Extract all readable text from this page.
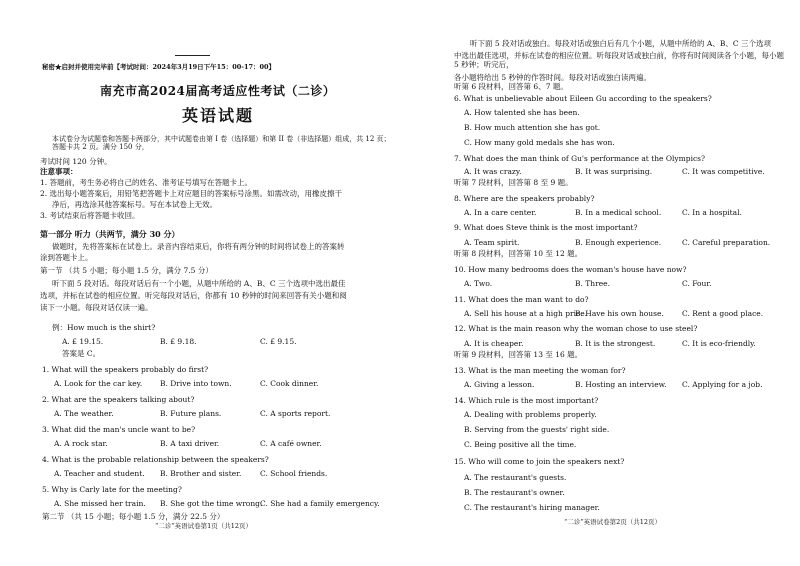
秘密★启封并使用完毕前【考试时间：2024年3月19日下午15：00-17：00】
南充市高2024届高考适应性考试（二诊）
英语试题
本试卷分为试题卷和答题卡两部分，其中试题卷由第 I 卷（选择题）和第 II 卷（非选择题）组成，共 12 页；答题卡共 2 页。满分 150 分，
考试时间 120 分钟。
注意事项：
1. 答题前，考生务必将自己的姓名、准考证号填写在答题卡上。
2. 选出每小题答案后，用铅笔把答题卡上对应题目的答案标号涂黑。如需改动，用橡皮擦干
净后，再选涂其他答案标号。写在本试卷上无效。
3. 考试结束后将答题卡收回。
第一部分 听力（共两节，满分 30 分）
做题时，先将答案标在试卷上。录音内容结束后，你将有两分钟的时间将试卷上的答案转
涂到答题卡上。
第一节 （共 5 小题；每小题 1.5 分，满分 7.5 分）
听下面 5 段对话。每段对话后有一个小题，从题中所给的 A、B、C 三个选项中选出最佳
选项，并标在试卷的相应位置。听完每段对话后，你都有 10 秒钟的时间来回答有关小题和阅
读下一小题。每段对话仅读一遍。
例：How much is the shirt?
A. £ 19.15.	B. £ 9.18.	C. £ 9.15.
答案是 C。
1. What will the speakers probably do first?
A. Look for the car key. B. Drive into town.	C. Cook dinner.
2. What are the speakers talking about?
A. The weather.	B. Future plans.	C. A sports report.
3. What did the man's uncle want to be?
A. A rock star.	B. A taxi driver.	C. A café owner.
4. What is the probable relationship between the speakers?
A. Teacher and student. B. Brother and sister. C. School friends.
5. Why is Carly late for the meeting?
A. She missed her train. B. She got the time wrong.
C. She had a family emergency.
第二节 （共 15 小题；每小题 1.5 分，满分 22.5 分）
“二诊”英语试卷第1页（共12页）
听下面 5 段对话或独白。每段对话或独白后有几个小题，从题中所给的 A、B、C 三个选项
中选出最佳选项，并标在试卷的相应位置。听每段对话或独白前，你将有时间阅读各个小题，每小题 5 秒钟；听完后，
各小题将给出 5 秒钟的作答时间。每段对话或独白读两遍。
听第 6 段材料，回答第 6、7 题。
6. What is unbelievable about Eileen Gu according to the speakers?
A. How talented she has been.
B. How much attention she has got.
C. How many gold medals she has won.
7. What does the man think of Gu's performance at the Olympics?
A. It was crazy.	B. It was surprising.	C. It was competitive.
听第 7 段材料，回答第 8 至 9 题。
8. Where are the speakers probably?
A. In a care center.	B. In a medical school.	C. In a hospital.
9. What does Steve think is the most important?
A. Team spirit.	B. Enough experience.	C. Careful preparation.
听第 8 段材料，回答第 10 至 12 题。
10. How many bedrooms does the woman's house have now?
A. Two.	B. Three.	C. Four.
11. What does the man want to do?
A. Sell his house at a high price.
B. Have his own house. C. Rent a good place.
12. What is the main reason why the woman chose to use steel?
A. It is cheaper.	B. It is the strongest.	C. It is eco-friendly.
听第 9 段材料，回答第 13 至 16 题。
13. What is the man meeting the woman for?
A. Giving a lesson.	B. Hosting an interview. C. Applying for a job.
14. Which rule is the most important?
A. Dealing with problems properly.
B. Serving from the guests' right side.
C. Being positive all the time.
15. Who will come to join the speakers next?
A. The restaurant's guests.
B. The restaurant's owner.
C. The restaurant's hiring manager.
“二诊”英语试卷第2页（共12页）
